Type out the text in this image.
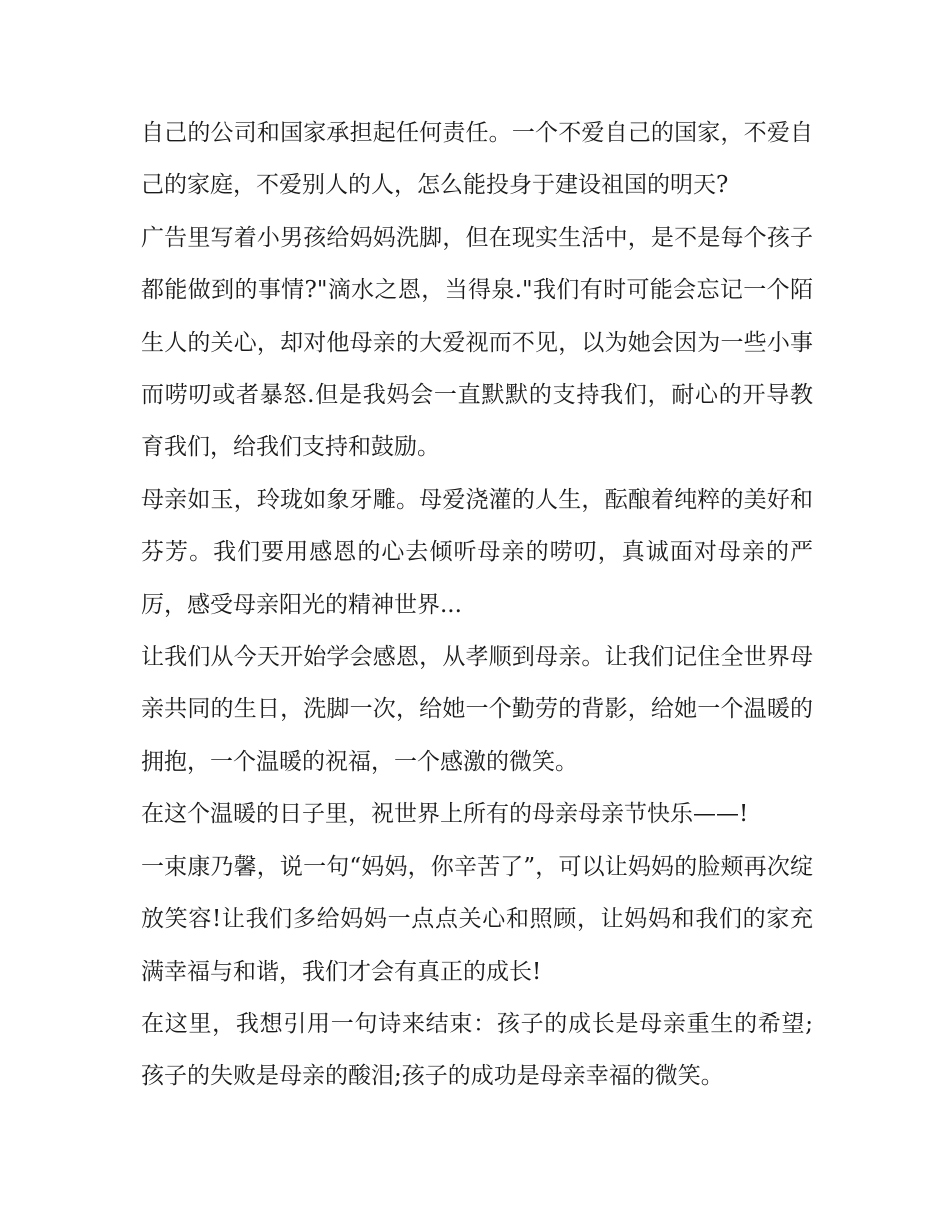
自己的公司和国家承担起任何责任。一个不爱自己的国家，不爱自己的家庭，不爱别人的人，怎么能投身于建设祖国的明天?

广告里写着小男孩给妈妈洗脚，但在现实生活中，是不是每个孩子都能做到的事情?"滴水之恩，当得泉."我们有时可能会忘记一个陌生人的关心，却对他母亲的大爱视而不见，以为她会因为一些小事而唠叨或者暴怒.但是我妈会一直默默的支持我们，耐心的开导教育我们，给我们支持和鼓励。

母亲如玉，玲珑如象牙雕。母爱浇灌的人生，酝酿着纯粹的美好和芬芳。我们要用感恩的心去倾听母亲的唠叨，真诚面对母亲的严厉，感受母亲阳光的精神世界...

让我们从今天开始学会感恩，从孝顺到母亲。让我们记住全世界母亲共同的生日，洗脚一次，给她一个勤劳的背影，给她一个温暖的拥抱，一个温暖的祝福，一个感激的微笑。

在这个温暖的日子里，祝世界上所有的母亲母亲节快乐——!

一束康乃馨，说一句“妈妈，你辛苦了”，可以让妈妈的脸颊再次绽放笑容!让我们多给妈妈一点点关心和照顾，让妈妈和我们的家充满幸福与和谐，我们才会有真正的成长!

在这里，我想引用一句诗来结束：孩子的成长是母亲重生的希望;孩子的失败是母亲的酸泪;孩子的成功是母亲幸福的微笑。
